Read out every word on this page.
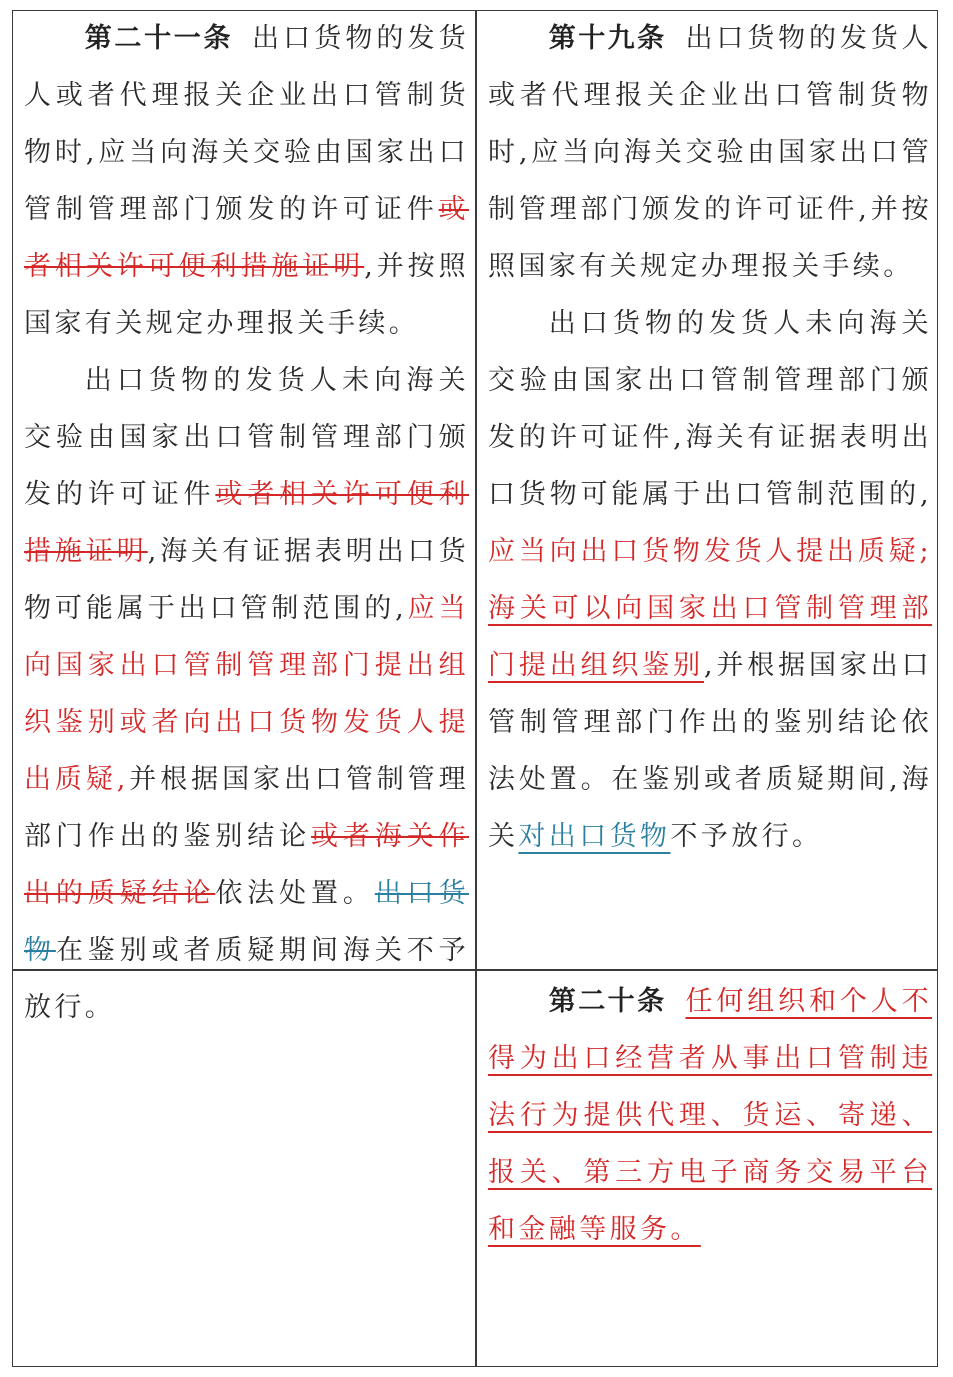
第二十一条 出口货物的发货人或者代理报关企业出口管制货物时,应当向海关交验由国家出口管制管理部门颁发的许可证件或者相关许可便利措施证明,并按照国家有关规定办理报关手续。

出口货物的发货人未向海关交验由国家出口管制管理部门颁发的许可证件或者相关许可便利措施证明,海关有证据表明出口货物可能属于出口管制范围的,应当向国家出口管制管理部门提出组织鉴别或者向出口货物发货人提出质疑,并根据国家出口管制管理部门作出的鉴别结论或者海关作出的质疑结论依法处置。出口货物在鉴别或者质疑期间海关不予放行。

第十九条 出口货物的发货人或者代理报关企业出口管制货物时,应当向海关交验由国家出口管制管理部门颁发的许可证件,并按照国家有关规定办理报关手续。

出口货物的发货人未向海关交验由国家出口管制管理部门颁发的许可证件,海关有证据表明出口货物可能属于出口管制范围的,应当向出口货物发货人提出质疑;海关可以向国家出口管制管理部门提出组织鉴别,并根据国家出口管制管理部门作出的鉴别结论依法处置。在鉴别或者质疑期间,海关对出口货物不予放行。

第二十条 任何组织和个人不得为出口经营者从事出口管制违法行为提供代理、货运、寄递、报关、第三方电子商务交易平台和金融等服务。
